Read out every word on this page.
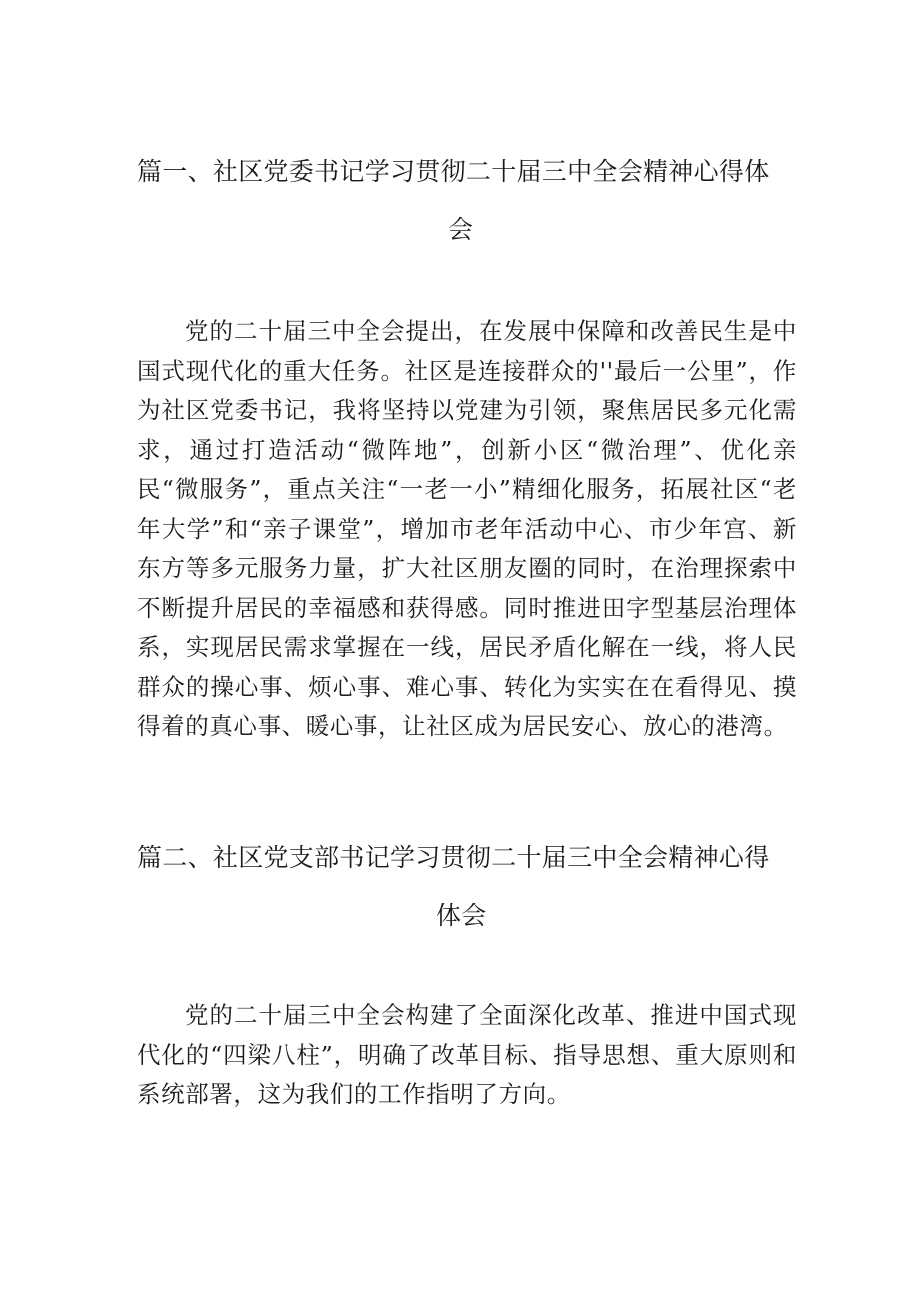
篇一、社区党委书记学习贯彻二十届三中全会精神心得体
会

党的二十届三中全会提出，在发展中保障和改善民生是中国式现代化的重大任务。社区是连接群众的''最后一公里”，作为社区党委书记，我将坚持以党建为引领，聚焦居民多元化需求，通过打造活动“微阵地”，创新小区“微治理”、优化亲民“微服务”，重点关注“一老一小”精细化服务，拓展社区“老年大学”和“亲子课堂”，增加市老年活动中心、市少年宫、新东方等多元服务力量，扩大社区朋友圈的同时，在治理探索中不断提升居民的幸福感和获得感。同时推进田字型基层治理体系，实现居民需求掌握在一线，居民矛盾化解在一线，将人民群众的操心事、烦心事、难心事、转化为实实在在看得见、摸得着的真心事、暖心事，让社区成为居民安心、放心的港湾。

篇二、社区党支部书记学习贯彻二十届三中全会精神心得
体会

党的二十届三中全会构建了全面深化改革、推进中国式现代化的“四梁八柱”，明确了改革目标、指导思想、重大原则和系统部署，这为我们的工作指明了方向。
